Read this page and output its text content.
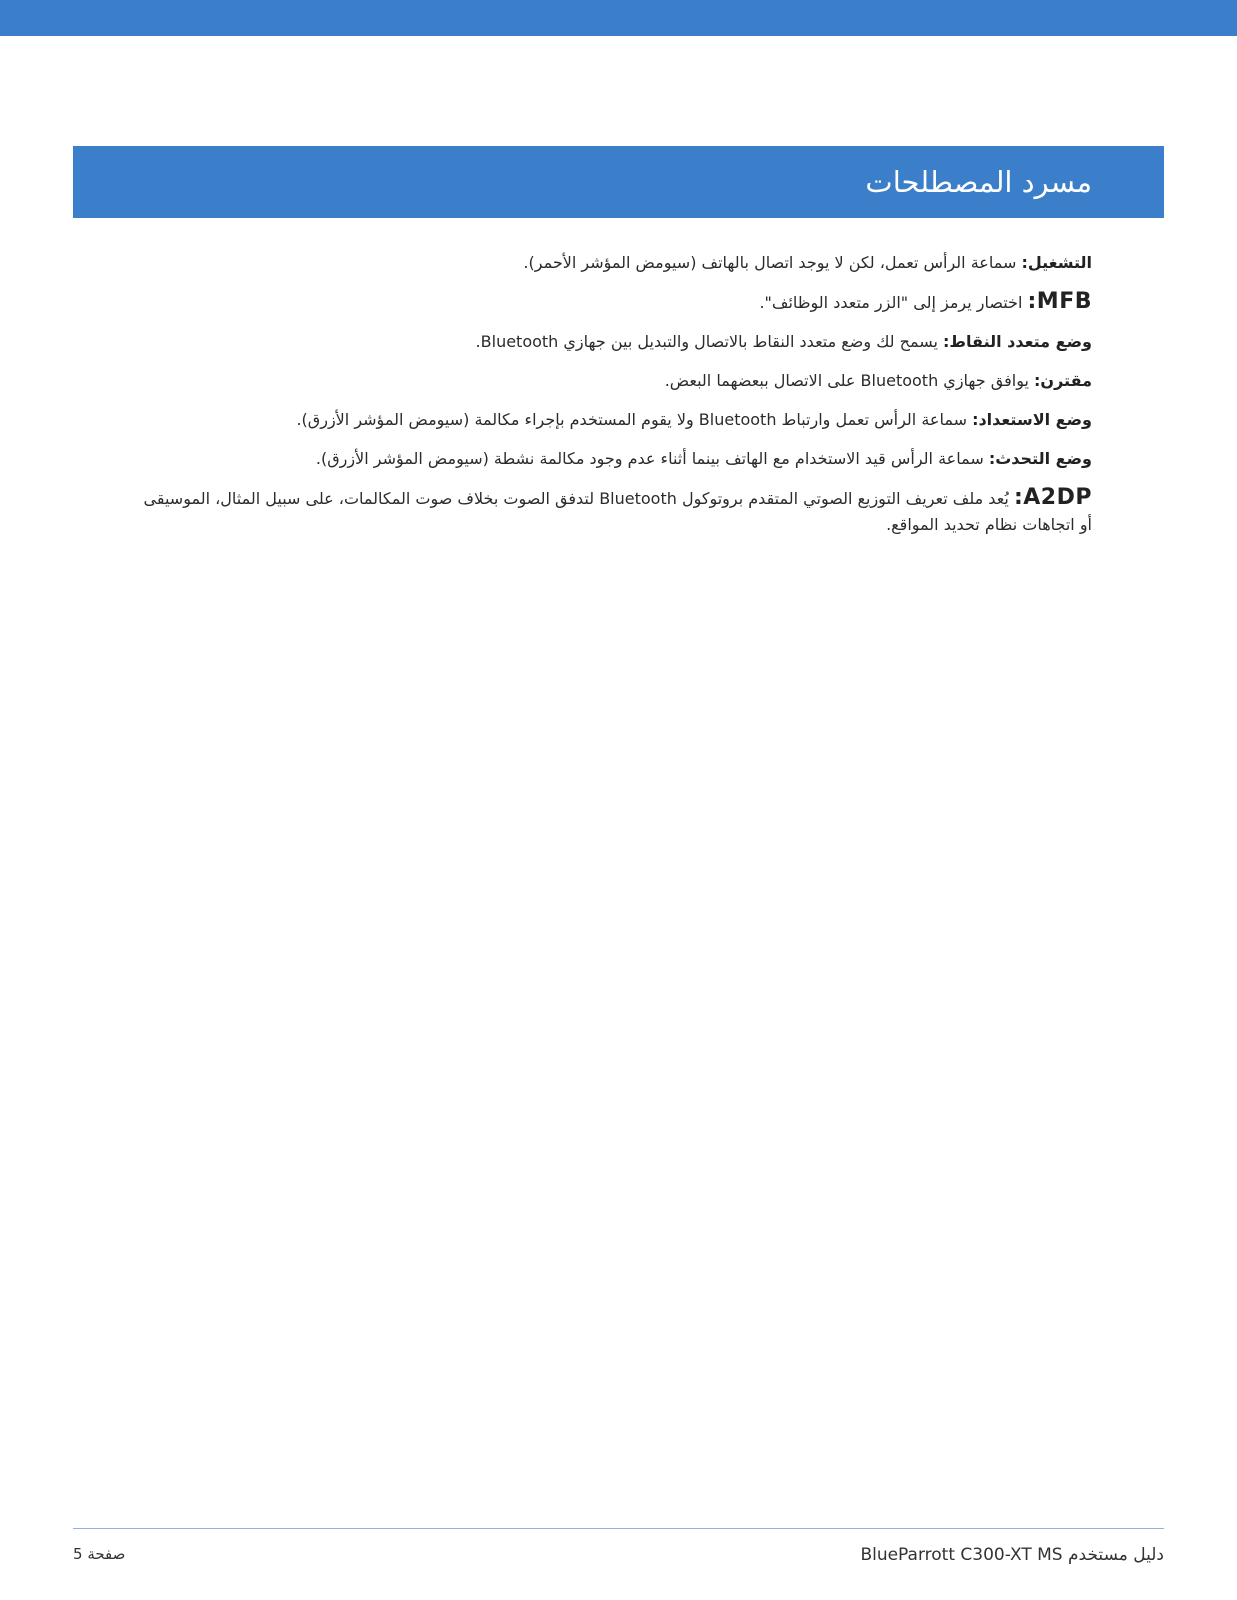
مسرد المصطلحات

التشغيل: سماعة الرأس تعمل، لكن لا يوجد اتصال بالهاتف (سيومض المؤشر الأحمر).

MFB: اختصار يرمز إلى "الزر متعدد الوظائف".

وضع متعدد النقاط: يسمح لك وضع متعدد النقاط بالاتصال والتبديل بين جهازي Bluetooth.

مقترن: يوافق جهازي Bluetooth على الاتصال ببعضهما البعض.

وضع الاستعداد: سماعة الرأس تعمل وارتباط Bluetooth ولا يقوم المستخدم بإجراء مكالمة (سيومض المؤشر الأزرق).

وضع التحدث: سماعة الرأس قيد الاستخدام مع الهاتف بينما أثناء عدم وجود مكالمة نشطة (سيومض المؤشر الأزرق).

A2DP: يُعد ملف تعريف التوزيع الصوتي المتقدم بروتوكول Bluetooth لتدفق الصوت بخلاف صوت المكالمات، على سبيل المثال، الموسيقى أو اتجاهات نظام تحديد المواقع.

صفحة 5	دليل مستخدم BlueParrott C300-XT MS
